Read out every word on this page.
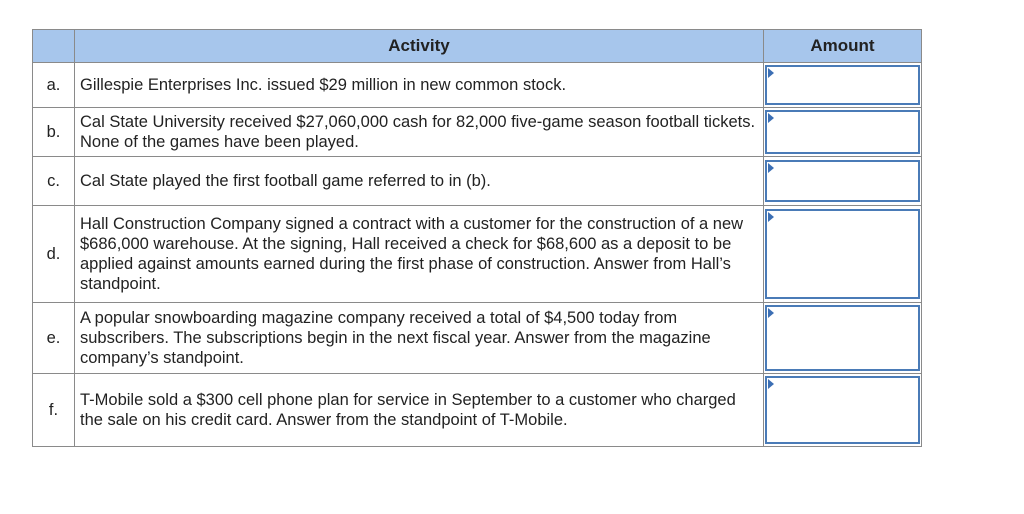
	Activity	Amount
a.	Gillespie Enterprises Inc. issued $29 million in new common stock.	

b.	Cal State University received $27,060,000 cash for 82,000 five-game season football tickets. None of the games have been played.	

c.	Cal State played the first football game referred to in (b).	

d.	Hall Construction Company signed a contract with a customer for the construction of a new $686,000 warehouse. At the signing, Hall received a check for $68,600 as a deposit to be applied against amounts earned during the first phase of construction. Answer from Hall’s standpoint.	

e.	A popular snowboarding magazine company received a total of $4,500 today from subscribers. The subscriptions begin in the next fiscal year. Answer from the magazine company’s standpoint.	

f.	T-Mobile sold a $300 cell phone plan for service in September to a customer who charged the sale on his credit card. Answer from the standpoint of T-Mobile.	
